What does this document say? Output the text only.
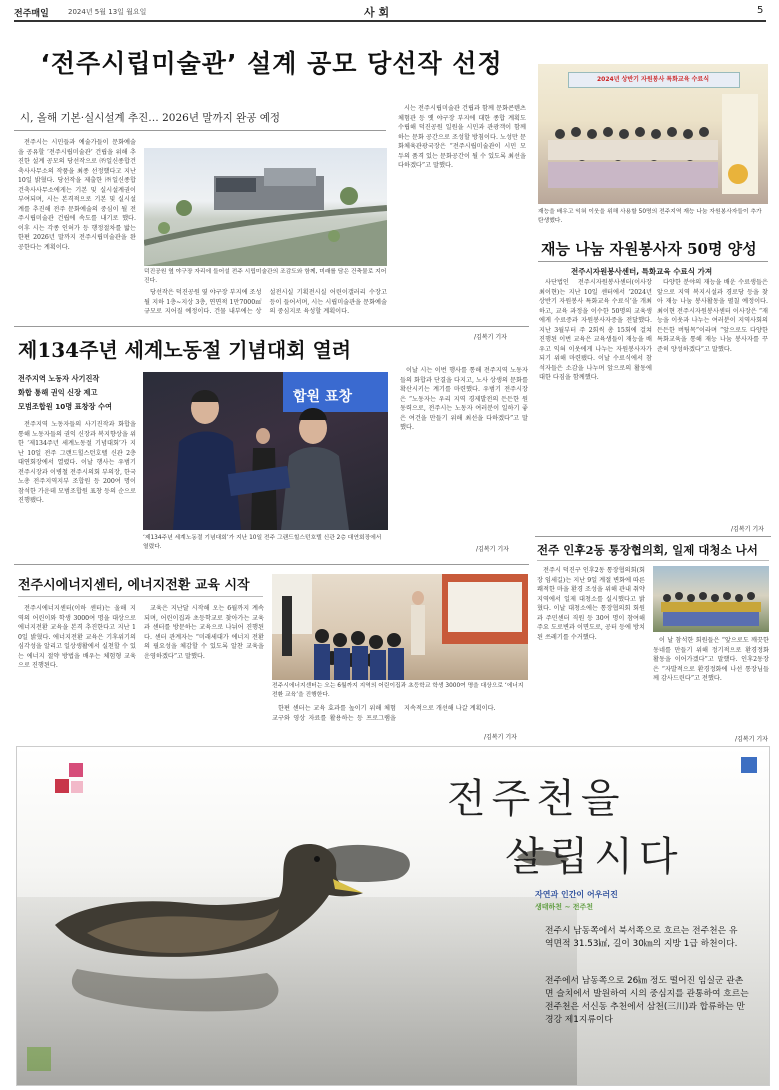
전주매일	2024년 5월 13일 월요일	사 회	5
‘전주시립미술관’ 설계 공모 당선작 선정
시, 올해 기본·실시설계 추진… 2026년 말까지 완공 예정

전주시는 시민들과 예술가들이 문화예술을 공유할 ‘전주시립미술관’ 건립을 위해 추진한 설계 공모의 당선작으로 ㈜일신종합건축사사무소의 작품을 최종 선정했다고 지난 10일 밝혔다. 당선작을 제출한 ㈜일신종합건축사사무소에게는 기본 및 실시설계권이 부여되며, 시는 본격적으로 기본 및 실시설계를 추진해 전주 문화예술의 중심이 될 전주시립미술관 건립에 속도를 내기로 했다. 이후 시는 각종 인허가 등 행정절차를 밟는 한편 2026년 말까지 전주시립미술관을 완공한다는 계획이다.

덕진공원 옆 야구장 자리에 들어설 전주 시립미술관의 조감도와 함께, 미래를 담은 건축물로 지어진다.

당선작은 덕진공원 옆 야구장 부지에 조성될 지하 1층~지상 3층, 연면적 1만7000㎡ 규모로 지어질 예정이다. 건물 내부에는 상설전시실 기획전시실 어린이갤러리 수장고 등이 들어서며, 시는 시립미술관을 문화예술의 중심지로 육성할 계획이다.

시는 전주시립미술관 건립과 함께 문화콘텐츠 체험관 등 옛 야구장 부지에 대한 종합 계획도 수립해 덕진공원 일원을 시민과 관광객이 함께하는 문화 공간으로 조성할 방침이다. 노성만 문화체육관광국장은 “전주시립미술관이 시민 모두의 품격 있는 문화공간이 될 수 있도록 최선을 다하겠다”고 말했다.

/김복기 기자
2024년 상반기 자원봉사 특화교육 수료식
재능을 배우고 익혀 이웃을 위해 사용할 50명의 전주지역 재능 나눔 자원봉사자들이 추가 탄생했다.
재능 나눔 자원봉사자 50명 양성
전주시자원봉사센터, 특화교육 수료식 가져

사단법인 전주시자원봉사센터(이사장 최이현)는 지난 10일 센터에서 ‘2024년 상반기 자원봉사 특화교육 수료식’을 개최하고, 교육 과정을 이수한 50명의 교육생에게 수료증과 자원봉사자증을 전달했다. 지난 3월부터 주 2회씩 총 15회에 걸쳐 진행된 이번 교육은 교육생들이 재능을 배우고 익혀 이웃에게 나누는 자원봉사자가 되기 위해 마련됐다. 이날 수료식에서 참석자들은 소감을 나누며 앞으로의 활동에 대한 다짐을 함께했다.

다양한 분야의 재능을 배운 수료생들은 앞으로 지역 복지시설과 경로당 등을 찾아 재능 나눔 봉사활동을 펼칠 예정이다. 최이현 전주시자원봉사센터 이사장은 “재능을 이웃과 나누는 여러분이 지역사회의 든든한 버팀목”이라며 “앞으로도 다양한 특화교육을 통해 재능 나눔 봉사자를 꾸준히 양성하겠다”고 말했다.

/김복기 기자
제134주년 세계노동절 기념대회 열려
전주지역 노동자 사기진작
화합 통해 권익 신장 제고
모범조합원 10명 표창장 수여

전주지역 노동자들의 사기진작과 화합을 통해 노동자들의 권익 신장과 복지향상을 위한 ‘제134주년 세계노동절 기념대회’가 지난 10일 전주 그랜드힐스턴호텔 신관 2층 대연회장에서 열렸다. 이날 행사는 우범기 전주시장과 이병철 전주시의회 부의장, 한국노총 전주지역지부 조합원 등 200여 명이 참석한 가운데 모범조합원 표창 등의 순으로 진행됐다.

합원 표창
‘제134주년 세계노동절 기념대회’가 지난 10일 전주 그랜드힐스턴호텔 신관 2층 대연회장에서 열렸다.

이날 시는 이번 행사를 통해 전주지역 노동자들의 화합과 단결을 다지고, 노사 상생의 문화를 확산시키는 계기를 마련했다. 우범기 전주시장은 “노동자는 우리 지역 경제발전의 든든한 원동력으로, 전주시는 노동자 여러분이 일하기 좋은 여건을 만들기 위해 최선을 다하겠다”고 말했다.

/김복기 기자
전주시에너지센터, 에너지전환 교육 시작

전주시에너지센터(이하 센터)는 올해 지역의 어린이와 학생 3000여 명을 대상으로 에너지전환 교육을 본격 추진한다고 지난 10일 밝혔다. 에너지전환 교육은 기후위기의 심각성을 알리고 일상생활에서 실천할 수 있는 에너지 절약 방법을 배우는 체험형 교육으로 진행된다.

교육은 지난달 시작해 오는 6월까지 계속되며, 어린이집과 초등학교로 찾아가는 교육과 센터를 방문하는 교육으로 나뉘어 진행된다. 센터 관계자는 “미래세대가 에너지 전환의 필요성을 체감할 수 있도록 알찬 교육을 운영하겠다”고 말했다.

전주시에너지센터는 오는 6월까지 지역의 어린이집과 초등학교 학생 3000여 명을 대상으로 ‘에너지전환 교육’을 진행한다.

한편 센터는 교육 효과를 높이기 위해 체험 교구와 영상 자료를 활용하는 등 프로그램을 지속적으로 개선해 나갈 계획이다.

/김복기 기자
전주 인후2동 통장협의회, 일제 대청소 나서

전주시 덕진구 인후2동 통장협의회(회장 임세길)는 지난 9일 계절 변화에 따른 쾌적한 마을 환경 조성을 위해 관내 취약지역에서 일제 대청소를 실시했다고 밝혔다. 이날 대청소에는 통장협의회 회원과 주민센터 직원 등 30여 명이 참여해 주요 도로변과 이면도로, 공터 등에 방치된 쓰레기를 수거했다.	이 날 참석한 회원들은 “앞으로도 깨끗한 동네를 만들기 위해 정기적으로 환경정화 활동을 이어가겠다”고 말했다. 인후2동장은 “자발적으로 환경정화에 나선 통장님들께 감사드린다”고 전했다.

/김복기 기자
전주천을
살립시다
자연과 인간이 어우러진
생태하천 ~ 전주천
전주시 남동쪽에서 북서쪽으로 흐르는 전주천은 유역면적 31.53㎢, 길이 30㎞의 지방 1급 하천이다.
전주에서 남동쪽으로 26㎞ 정도 떨어진 임실군 관촌면 슬치에서 발원하여 시의 중심지를 관통하여 흐르는 전주천은 서신동 추천에서 삼천(三川)과 합류하는 만경강 제1지류이다
